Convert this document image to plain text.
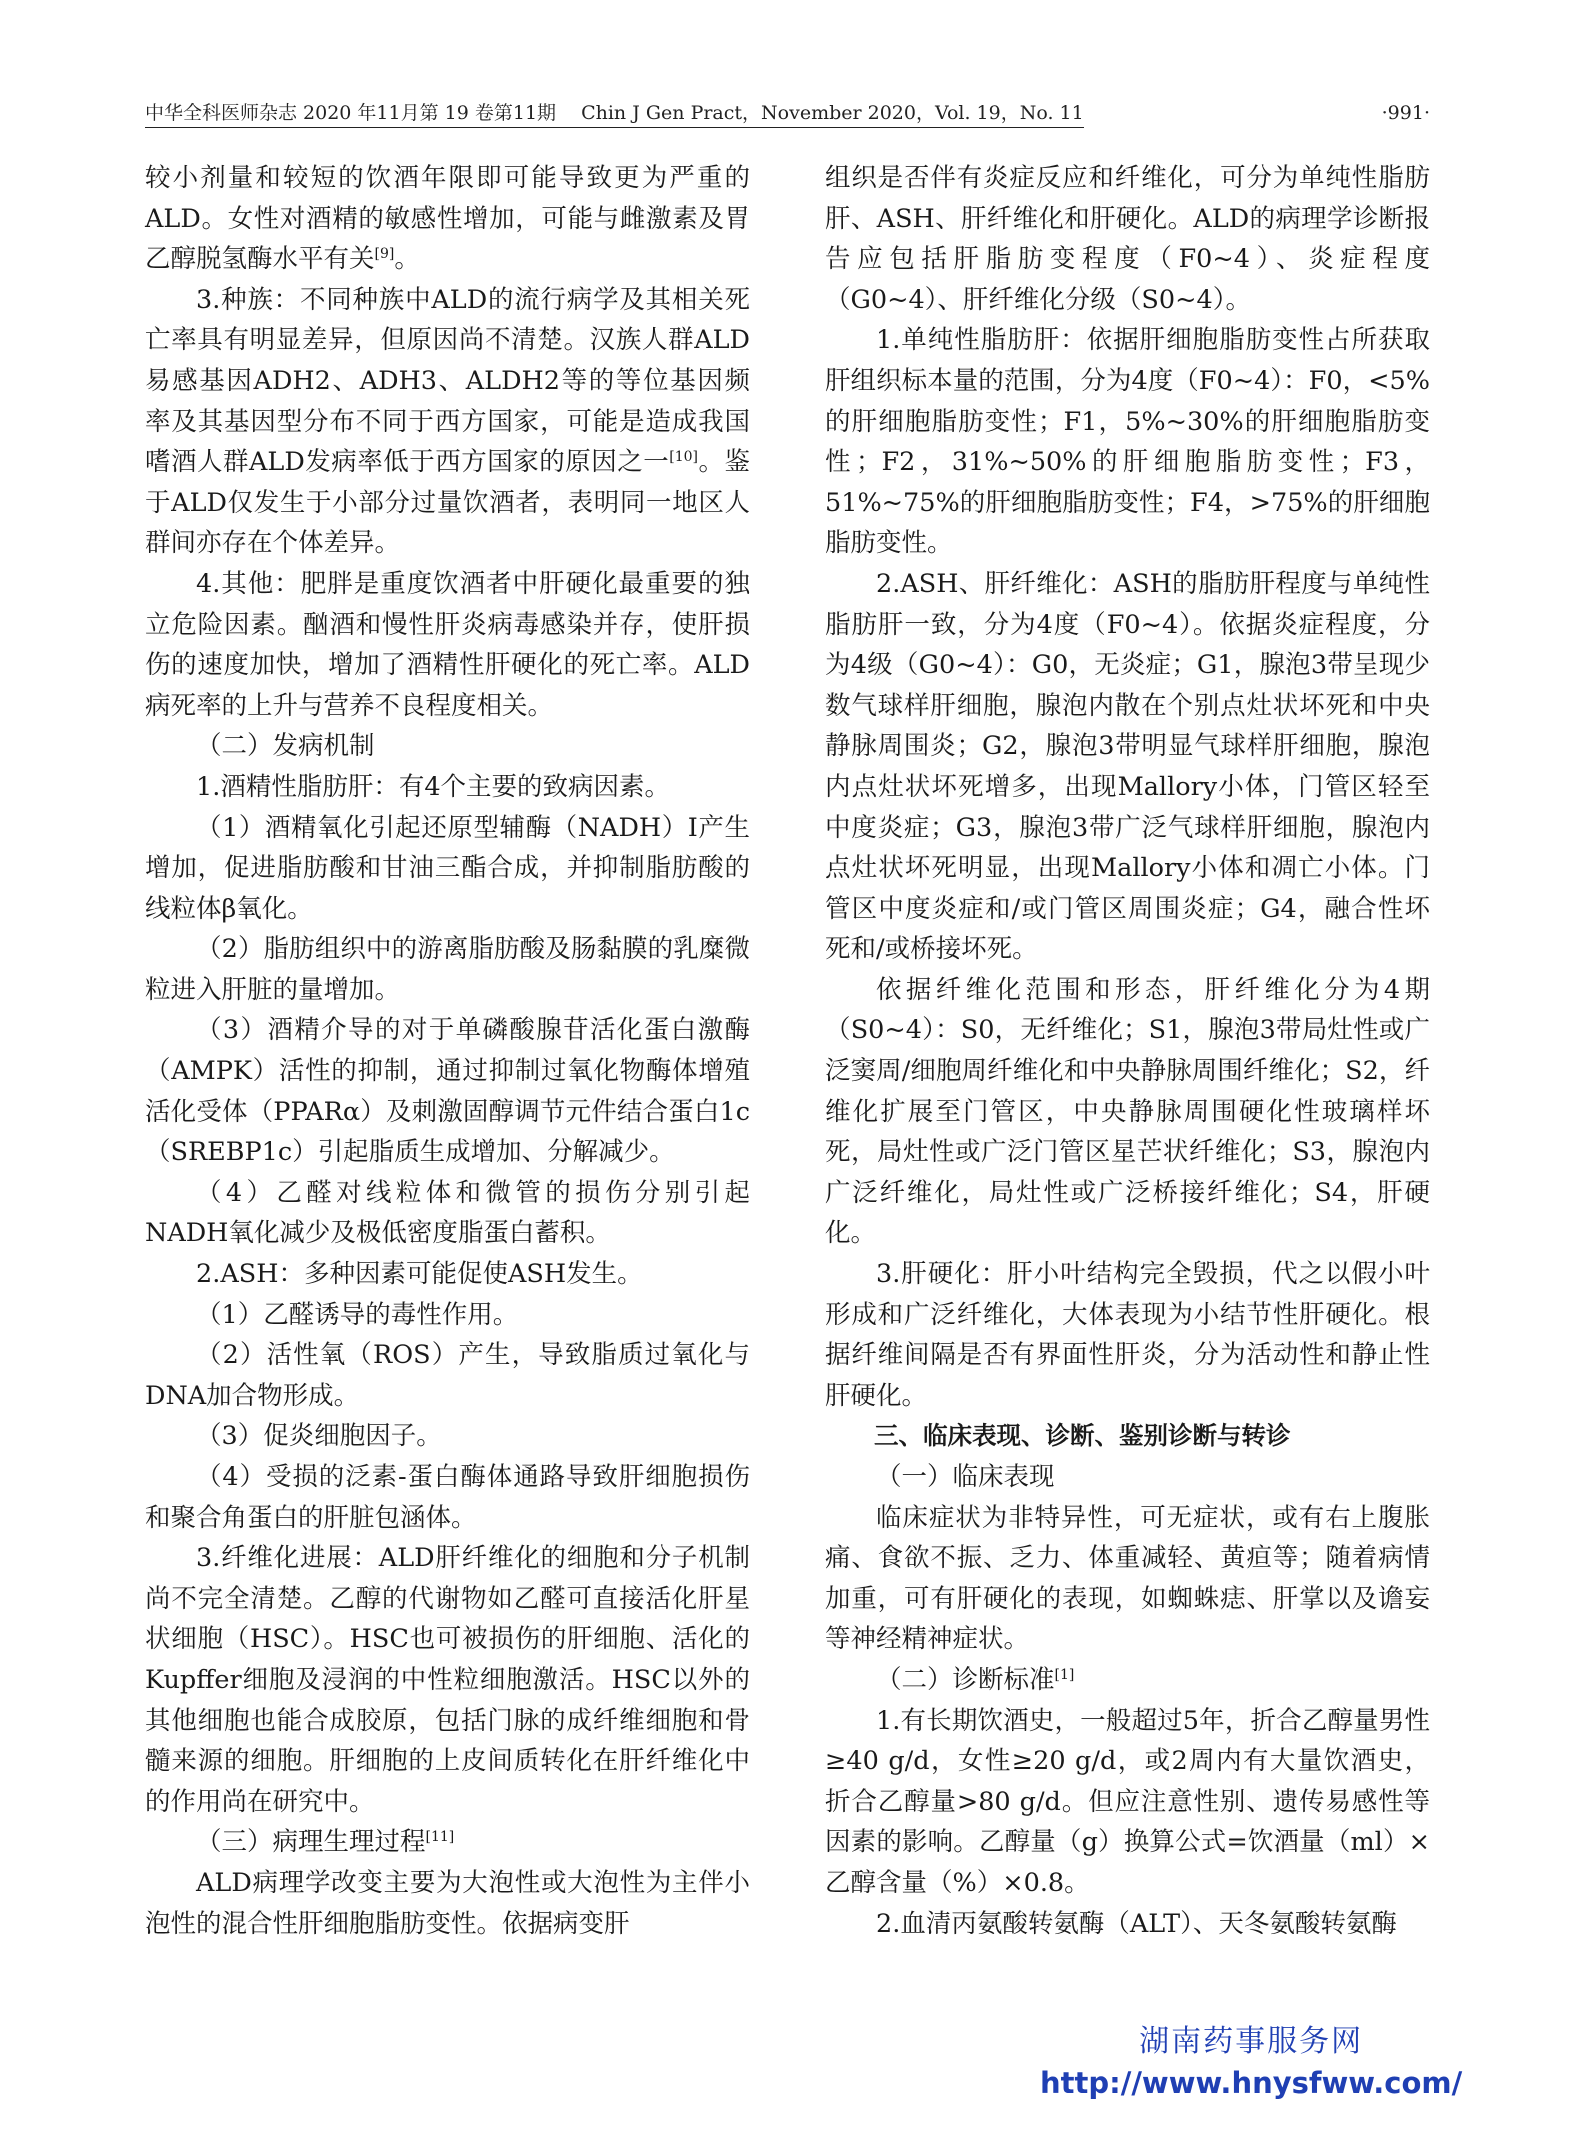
中华全科医师杂志 2020 年11月第 19 卷第11期 　Chin J Gen Pract，November 2020，Vol. 19，No. 11	·991·

较小剂量和较短的饮酒年限即可能导致更为严重的ALD。女性对酒精的敏感性增加，可能与雌激素及胃乙醇脱氢酶水平有关[9]。

3.种族：不同种族中ALD的流行病学及其相关死亡率具有明显差异，但原因尚不清楚。汉族人群ALD易感基因ADH2、ADH3、ALDH2等的等位基因频率及其基因型分布不同于西方国家，可能是造成我国嗜酒人群ALD发病率低于西方国家的原因之一[10]。鉴于ALD仅发生于小部分过量饮酒者，表明同一地区人群间亦存在个体差异。

4.其他：肥胖是重度饮酒者中肝硬化最重要的独立危险因素。酗酒和慢性肝炎病毒感染并存，使肝损伤的速度加快，增加了酒精性肝硬化的死亡率。ALD病死率的上升与营养不良程度相关。

（二）发病机制

1.酒精性脂肪肝：有4个主要的致病因素。

（1）酒精氧化引起还原型辅酶（NADH）Ⅰ产生增加，促进脂肪酸和甘油三酯合成，并抑制脂肪酸的线粒体β氧化。

（2）脂肪组织中的游离脂肪酸及肠黏膜的乳糜微粒进入肝脏的量增加。

（3）酒精介导的对于单磷酸腺苷活化蛋白激酶（AMPK）活性的抑制，通过抑制过氧化物酶体增殖活化受体（PPARα）及刺激固醇调节元件结合蛋白1c（SREBP1c）引起脂质生成增加、分解减少。

（4）乙醛对线粒体和微管的损伤分别引起NADH氧化减少及极低密度脂蛋白蓄积。

2.ASH：多种因素可能促使ASH发生。

（1）乙醛诱导的毒性作用。

（2）活性氧（ROS）产生，导致脂质过氧化与DNA加合物形成。

（3）促炎细胞因子。

（4）受损的泛素-蛋白酶体通路导致肝细胞损伤和聚合角蛋白的肝脏包涵体。

3.纤维化进展：ALD肝纤维化的细胞和分子机制尚不完全清楚。乙醇的代谢物如乙醛可直接活化肝星状细胞（HSC）。HSC也可被损伤的肝细胞、活化的Kupffer细胞及浸润的中性粒细胞激活。HSC以外的其他细胞也能合成胶原，包括门脉的成纤维细胞和骨髓来源的细胞。肝细胞的上皮间质转化在肝纤维化中的作用尚在研究中。

（三）病理生理过程[11]

ALD病理学改变主要为大泡性或大泡性为主伴小泡性的混合性肝细胞脂肪变性。依据病变肝

组织是否伴有炎症反应和纤维化，可分为单纯性脂肪肝、ASH、肝纤维化和肝硬化。ALD的病理学诊断报告应包括肝脂肪变程度（F0~4）、炎症程度（G0~4）、肝纤维化分级（S0~4）。

1.单纯性脂肪肝：依据肝细胞脂肪变性占所获取肝组织标本量的范围，分为4度（F0~4）：F0，<5%的肝细胞脂肪变性；F1，5%~30%的肝细胞脂肪变性；F2，31%~50%的肝细胞脂肪变性；F3，51%~75%的肝细胞脂肪变性；F4，>75%的肝细胞脂肪变性。

2.ASH、肝纤维化：ASH的脂肪肝程度与单纯性脂肪肝一致，分为4度（F0~4）。依据炎症程度，分为4级（G0~4）：G0，无炎症；G1，腺泡3带呈现少数气球样肝细胞，腺泡内散在个别点灶状坏死和中央静脉周围炎；G2，腺泡3带明显气球样肝细胞，腺泡内点灶状坏死增多，出现Mallory小体，门管区轻至中度炎症；G3，腺泡3带广泛气球样肝细胞，腺泡内点灶状坏死明显，出现Mallory小体和凋亡小体。门管区中度炎症和/或门管区周围炎症；G4，融合性坏死和/或桥接坏死。

依据纤维化范围和形态，肝纤维化分为4期（S0~4）：S0，无纤维化；S1，腺泡3带局灶性或广泛窦周/细胞周纤维化和中央静脉周围纤维化；S2，纤维化扩展至门管区，中央静脉周围硬化性玻璃样坏死，局灶性或广泛门管区星芒状纤维化；S3，腺泡内广泛纤维化，局灶性或广泛桥接纤维化；S4，肝硬化。

3.肝硬化：肝小叶结构完全毁损，代之以假小叶形成和广泛纤维化，大体表现为小结节性肝硬化。根据纤维间隔是否有界面性肝炎，分为活动性和静止性肝硬化。

三、临床表现、诊断、鉴别诊断与转诊

（一）临床表现

临床症状为非特异性，可无症状，或有右上腹胀痛、食欲不振、乏力、体重减轻、黄疸等；随着病情加重，可有肝硬化的表现，如蜘蛛痣、肝掌以及谵妄等神经精神症状。

（二）诊断标准[1]

1.有长期饮酒史，一般超过5年，折合乙醇量男性≥40 g/d，女性≥20 g/d，或2周内有大量饮酒史，折合乙醇量>80 g/d。但应注意性别、遗传易感性等因素的影响。乙醇量（g）换算公式=饮酒量（ml）×乙醇含量（%）×0.8。

2.血清丙氨酸转氨酶（ALT）、天冬氨酸转氨酶

湖南药事服务网
http://www.hnysfww.com/
